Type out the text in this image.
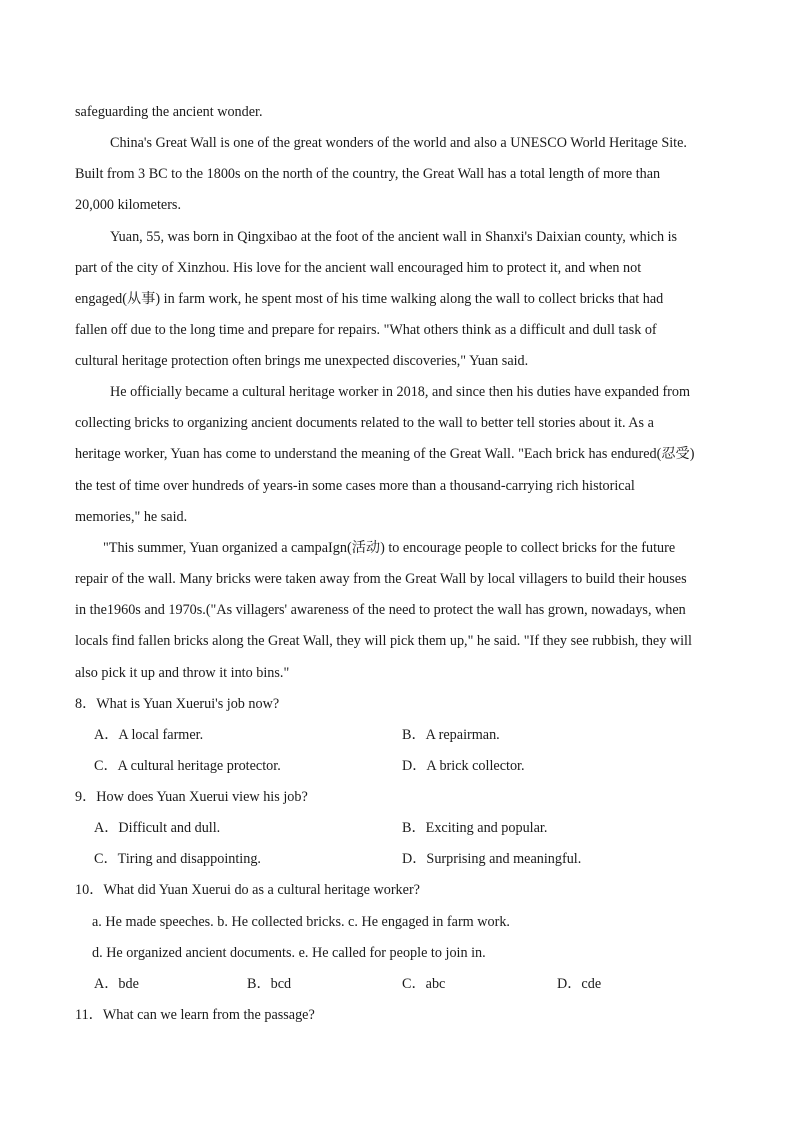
safeguarding the ancient wonder.
China's Great Wall is one of the great wonders of the world and also a UNESCO World Heritage Site.
Built from 3 BC to the 1800s on the north of the country, the Great Wall has a total length of more than
20,000 kilometers.
Yuan, 55, was born in Qingxibao at the foot of the ancient wall in Shanxi's Daixian county, which is
part of the city of Xinzhou. His love for the ancient wall encouraged him to protect it, and when not
engaged(从事) in farm work, he spent most of his time walking along the wall to collect bricks that had
fallen off due to the long time and prepare for repairs. "What others think as a difficult and dull task of
cultural heritage protection often brings me unexpected discoveries," Yuan said.
He officially became a cultural heritage worker in 2018, and since then his duties have expanded from
collecting bricks to organizing ancient documents related to the wall to better tell stories about it. As a
heritage worker, Yuan has come to understand the meaning of the Great Wall. "Each brick has endured(忍受)
the test of time over hundreds of years-in some cases more than a thousand-carrying rich historical
memories," he said.
"This summer, Yuan organized a campaIgn(活动) to encourage people to collect bricks for the future
repair of the wall. Many bricks were taken away from the Great Wall by local villagers to build their houses
in the1960s and 1970s.("As villagers' awareness of the need to protect the wall has grown, nowadays, when
locals find fallen bricks along the Great Wall, they will pick them up," he said. "If they see rubbish, they will
also pick it up and throw it into bins."
8．What is Yuan Xuerui's job now?
A．A local farmer.	B．A repairman.
C．A cultural heritage protector.	D．A brick collector.
9．How does Yuan Xuerui view his job?
A．Difficult and dull.	B．Exciting and popular.
C．Tiring and disappointing.	D．Surprising and meaningful.
10．What did Yuan Xuerui do as a cultural heritage worker?
a. He made speeches. b. He collected bricks. c. He engaged in farm work.
d. He organized ancient documents. e. He called for people to join in.
A．bde	B．bcd	C．abc	D．cde
11．What can we learn from the passage?
